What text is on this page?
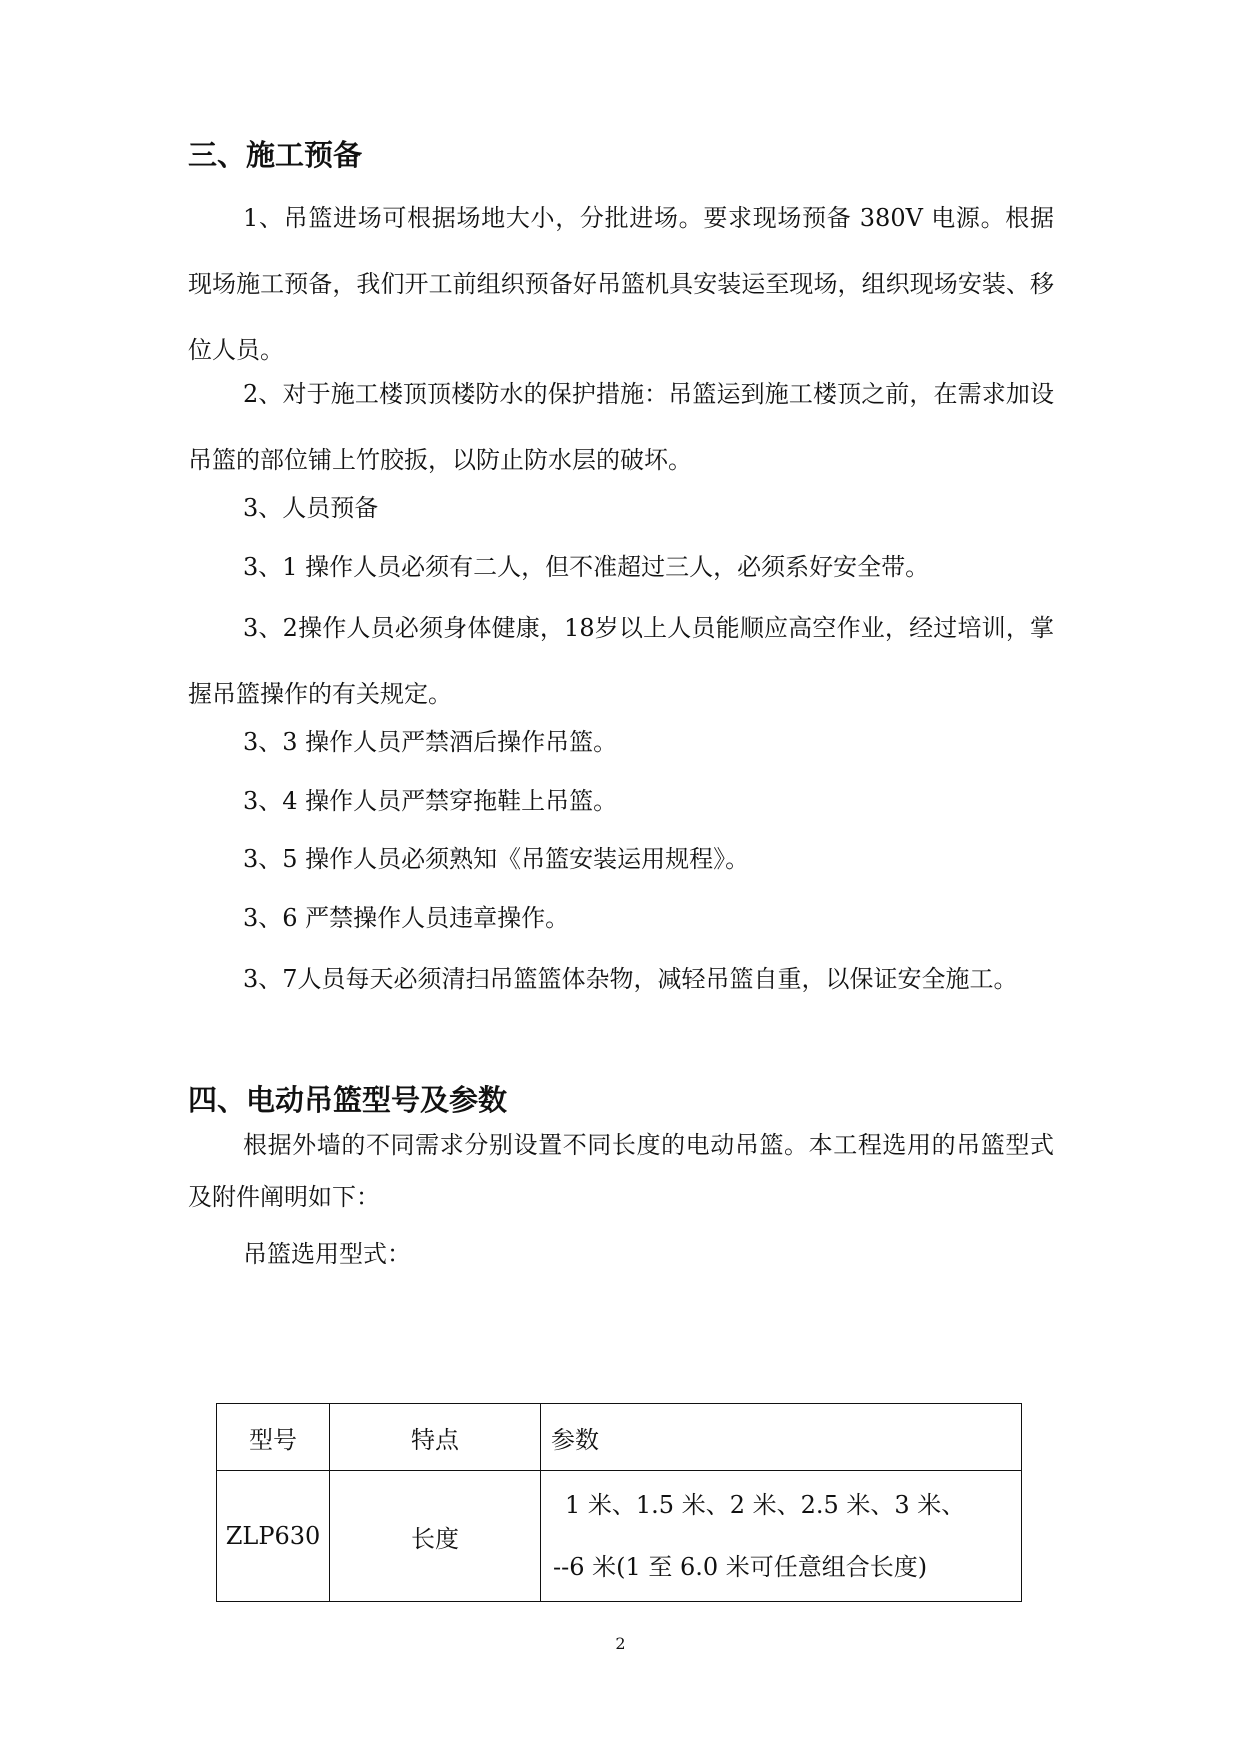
三、施工预备
1、吊篮进场可根据场地大小，分批进场。要求现场预备 380V 电源。根据现场施工预备，我们开工前组织预备好吊篮机具安装运至现场，组织现场安装、移位人员。
2、对于施工楼顶顶楼防水的保护措施：吊篮运到施工楼顶之前，在需求加设吊篮的部位铺上竹胶扳，以防止防水层的破坏。
3、人员预备
3、1 操作人员必须有二人，但不准超过三人，必须系好安全带。
3、2操作人员必须身体健康，18岁以上人员能顺应高空作业，经过培训，掌握吊篮操作的有关规定。
3、3 操作人员严禁酒后操作吊篮。
3、4 操作人员严禁穿拖鞋上吊篮。
3、5 操作人员必须熟知《吊篮安装运用规程》。
3、6 严禁操作人员违章操作。
3、7人员每天必须清扫吊篮篮体杂物，减轻吊篮自重，以保证安全施工。
四、电动吊篮型号及参数
根据外墙的不同需求分别设置不同长度的电动吊篮。本工程选用的吊篮型式及附件阐明如下：
吊篮选用型式：
型号	特点	参数
ZLP630	长度	1 米、1.5 米、2 米、2.5 米、3 米、
--6 米(1 至 6.0 米可任意组合长度)
2
